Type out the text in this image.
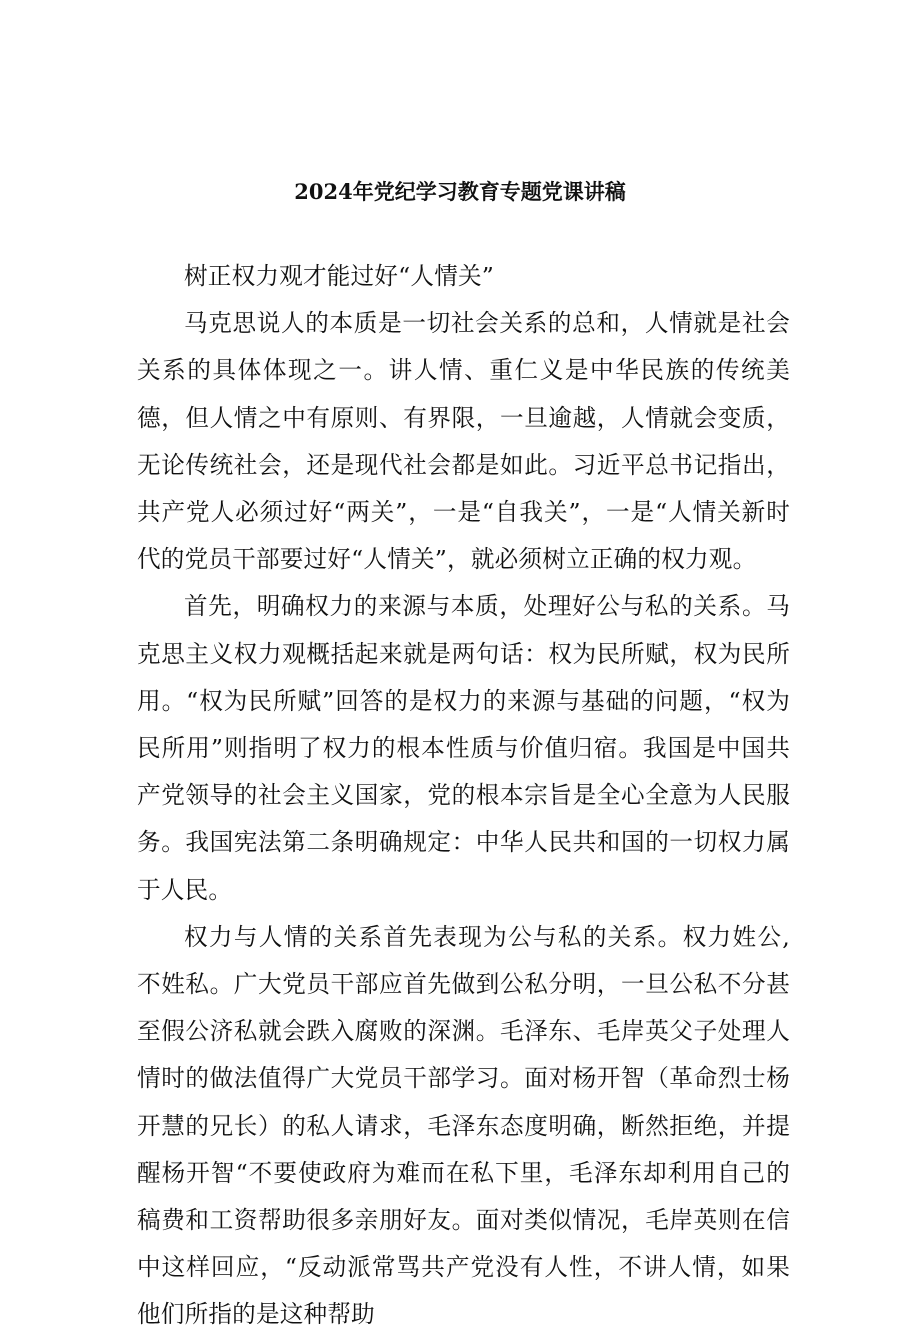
2024年党纪学习教育专题党课讲稿

树正权力观才能过好“人情关”

马克思说人的本质是一切社会关系的总和，人情就是社会关系的具体体现之一。讲人情、重仁义是中华民族的传统美德，但人情之中有原则、有界限，一旦逾越，人情就会变质，无论传统社会，还是现代社会都是如此。习近平总书记指出，共产党人必须过好“两关”，一是“自我关”，一是“人情关新时代的党员干部要过好“人情关”，就必须树立正确的权力观。

首先，明确权力的来源与本质，处理好公与私的关系。马克思主义权力观概括起来就是两句话：权为民所赋，权为民所用。“权为民所赋”回答的是权力的来源与基础的问题，“权为民所用”则指明了权力的根本性质与价值归宿。我国是中国共产党领导的社会主义国家，党的根本宗旨是全心全意为人民服务。我国宪法第二条明确规定：中华人民共和国的一切权力属于人民。

权力与人情的关系首先表现为公与私的关系。权力姓公, 不姓私。广大党员干部应首先做到公私分明，一旦公私不分甚至假公济私就会跌入腐败的深渊。毛泽东、毛岸英父子处理人情时的做法值得广大党员干部学习。面对杨开智（革命烈士杨开慧的兄长）的私人请求，毛泽东态度明确，断然拒绝，并提醒杨开智“不要使政府为难而在私下里，毛泽东却利用自己的稿费和工资帮助很多亲朋好友。面对类似情况，毛岸英则在信中这样回应，“反动派常骂共产党没有人性，不讲人情，如果他们所指的是这种帮助
